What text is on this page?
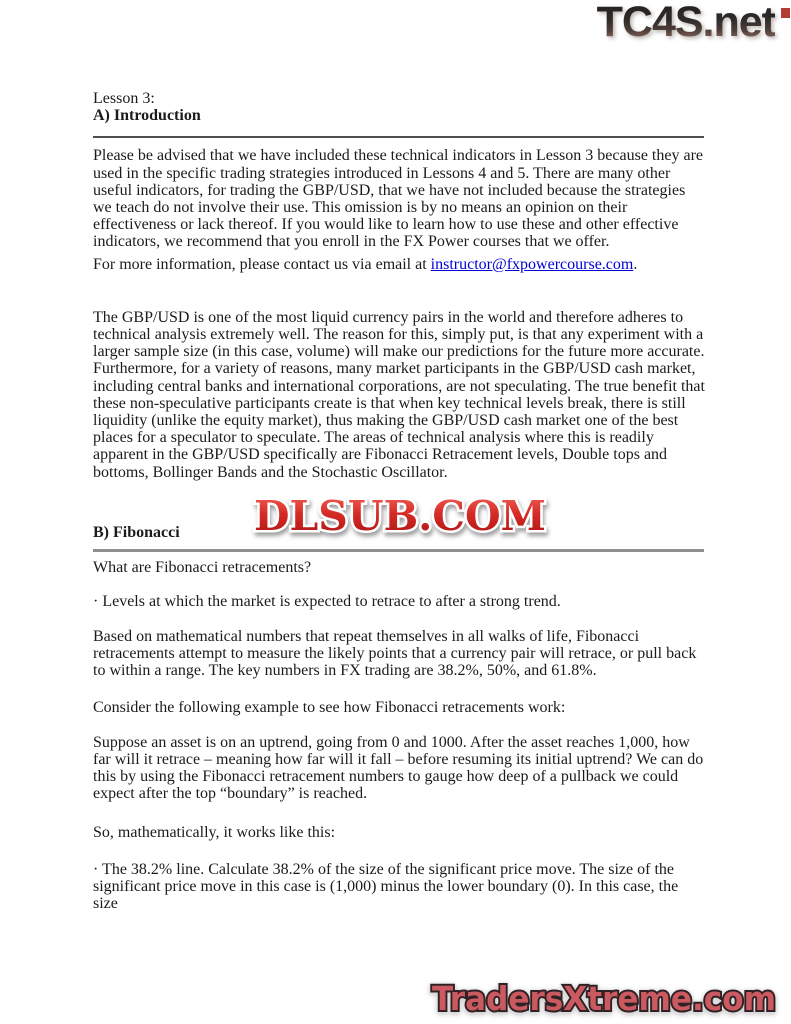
TC4S.net

Lesson 3:

A) Introduction

Please be advised that we have included these technical indicators in Lesson 3 because they are used in the specific trading strategies introduced in Lessons 4 and 5. There are many other useful indicators, for trading the GBP/USD, that we have not included because the strategies we teach do not involve their use. This omission is by no means an opinion on their effectiveness or lack thereof. If you would like to learn how to use these and other effective indicators, we recommend that you enroll in the FX Power courses that we offer.

For more information, please contact us via email at instructor@fxpowercourse.com.

The GBP/USD is one of the most liquid currency pairs in the world and therefore adheres to technical analysis extremely well. The reason for this, simply put, is that any experiment with a larger sample size (in this case, volume) will make our predictions for the future more accurate. Furthermore, for a variety of reasons, many market participants in the GBP/USD cash market, including central banks and international corporations, are not speculating. The true benefit that these non-speculative participants create is that when key technical levels break, there is still liquidity (unlike the equity market), thus making the GBP/USD cash market one of the best places for a speculator to speculate. The areas of technical analysis where this is readily apparent in the GBP/USD specifically are Fibonacci Retracement levels, Double tops and bottoms, Bollinger Bands and the Stochastic Oscillator.

B) Fibonacci

What are Fibonacci retracements?

· Levels at which the market is expected to retrace to after a strong trend.

Based on mathematical numbers that repeat themselves in all walks of life, Fibonacci retracements attempt to measure the likely points that a currency pair will retrace, or pull back to within a range. The key numbers in FX trading are 38.2%, 50%, and 61.8%.

Consider the following example to see how Fibonacci retracements work:

Suppose an asset is on an uptrend, going from 0 and 1000. After the asset reaches 1,000, how far will it retrace – meaning how far will it fall – before resuming its initial uptrend? We can do this by using the Fibonacci retracement numbers to gauge how deep of a pullback we could expect after the top “boundary” is reached.

So, mathematically, it works like this:

· The 38.2% line. Calculate 38.2% of the size of the significant price move. The size of the significant price move in this case is (1,000) minus the lower boundary (0). In this case, the size

DLSUB.COM
TradersXtreme.com
